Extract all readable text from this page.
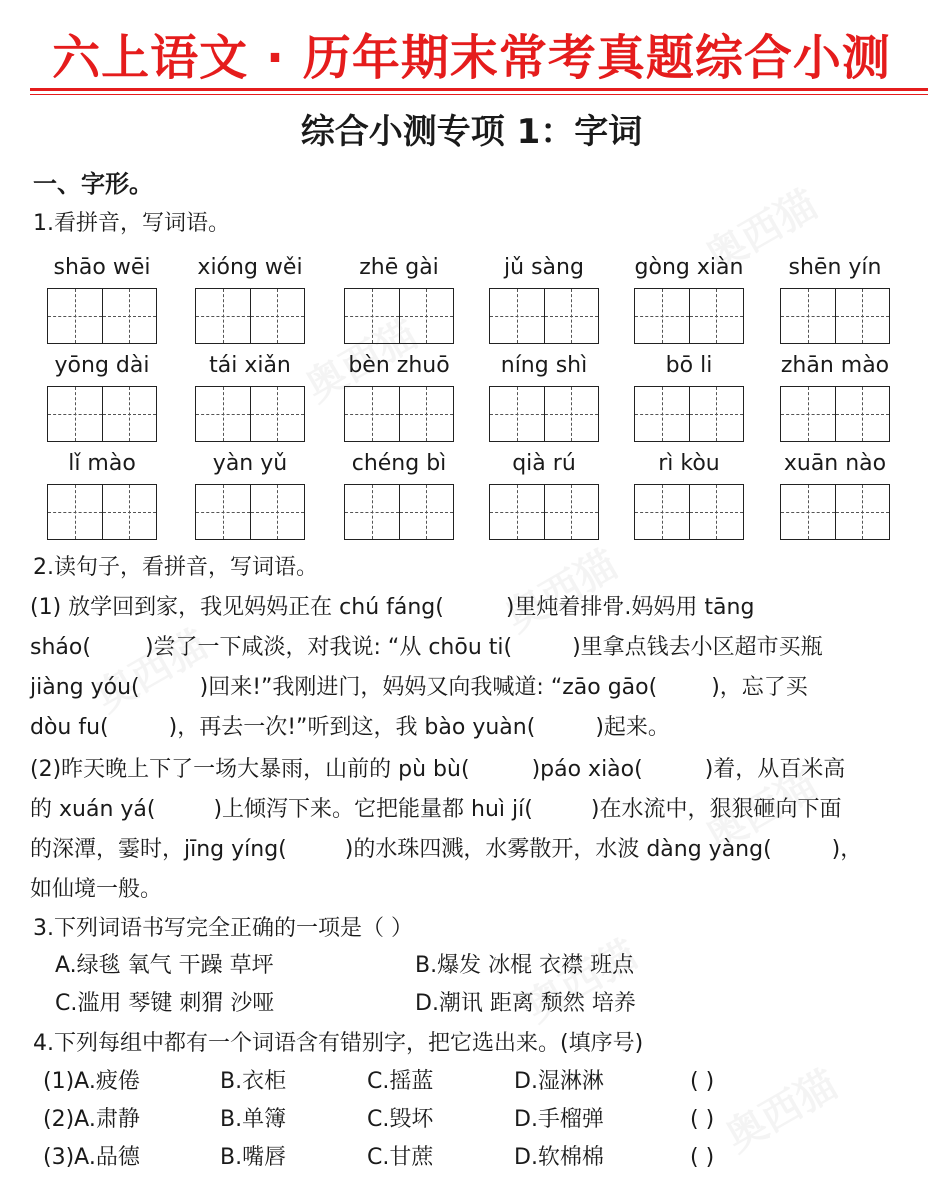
六上语文 · 历年期末常考真题综合小测
综合小测专项 1：字词
一、字形。
1.看拼音，写词语。
shāo wēi	xióng wěi	zhē gài	jǔ sàng	gòng xiàn	shēn yín
yōng dài	tái xiǎn	bèn zhuō	níng shì	bō li	zhān mào
lǐ mào	yàn yǔ	chéng bì	qià rú	rì kòu	xuān nào
2.读句子，看拼音，写词语。
(1) 放学回到家，我见妈妈正在 chú fáng(	)里炖着排骨.妈妈用 tāng
sháo( )尝了一下咸淡，对我说: “从 chōu ti(	)里拿点钱去小区超市买瓶
jiàng yóu(	)回来!”我刚进门，妈妈又向我喊道: “zāo gāo( )，忘了买
dòu fu(	)，再去一次!”听到这，我 bào yuàn(	)起来。
(2)昨天晚上下了一场大暴雨，山前的 pù bù(	)páo xiào(	)着，从百米高
的 xuán yá(	)上倾泻下来。它把能量都 huì jí(	)在水流中，狠狠砸向下面
的深潭，霎时，jīng yíng(	)的水珠四溅，水雾散开，水波 dàng yàng(	)，
如仙境一般。
3.下列词语书写完全正确的一项是（ ）
A.绿毯 氧气 干躁 草坪	B.爆发 冰棍 衣襟 班点
C.滥用 琴键 刺猬 沙哑	D.潮讯 距离 颓然 培养
4.下列每组中都有一个词语含有错别字，把它选出来。(填序号)
(1)A.疲倦	B.衣柜	C.摇蓝	D.湿淋淋	( )
(2)A.肃静	B.单簿	C.毁坏	D.手榴弹	( )
(3)A.品德	B.嘴唇	C.甘蔗	D.软棉棉	( )
